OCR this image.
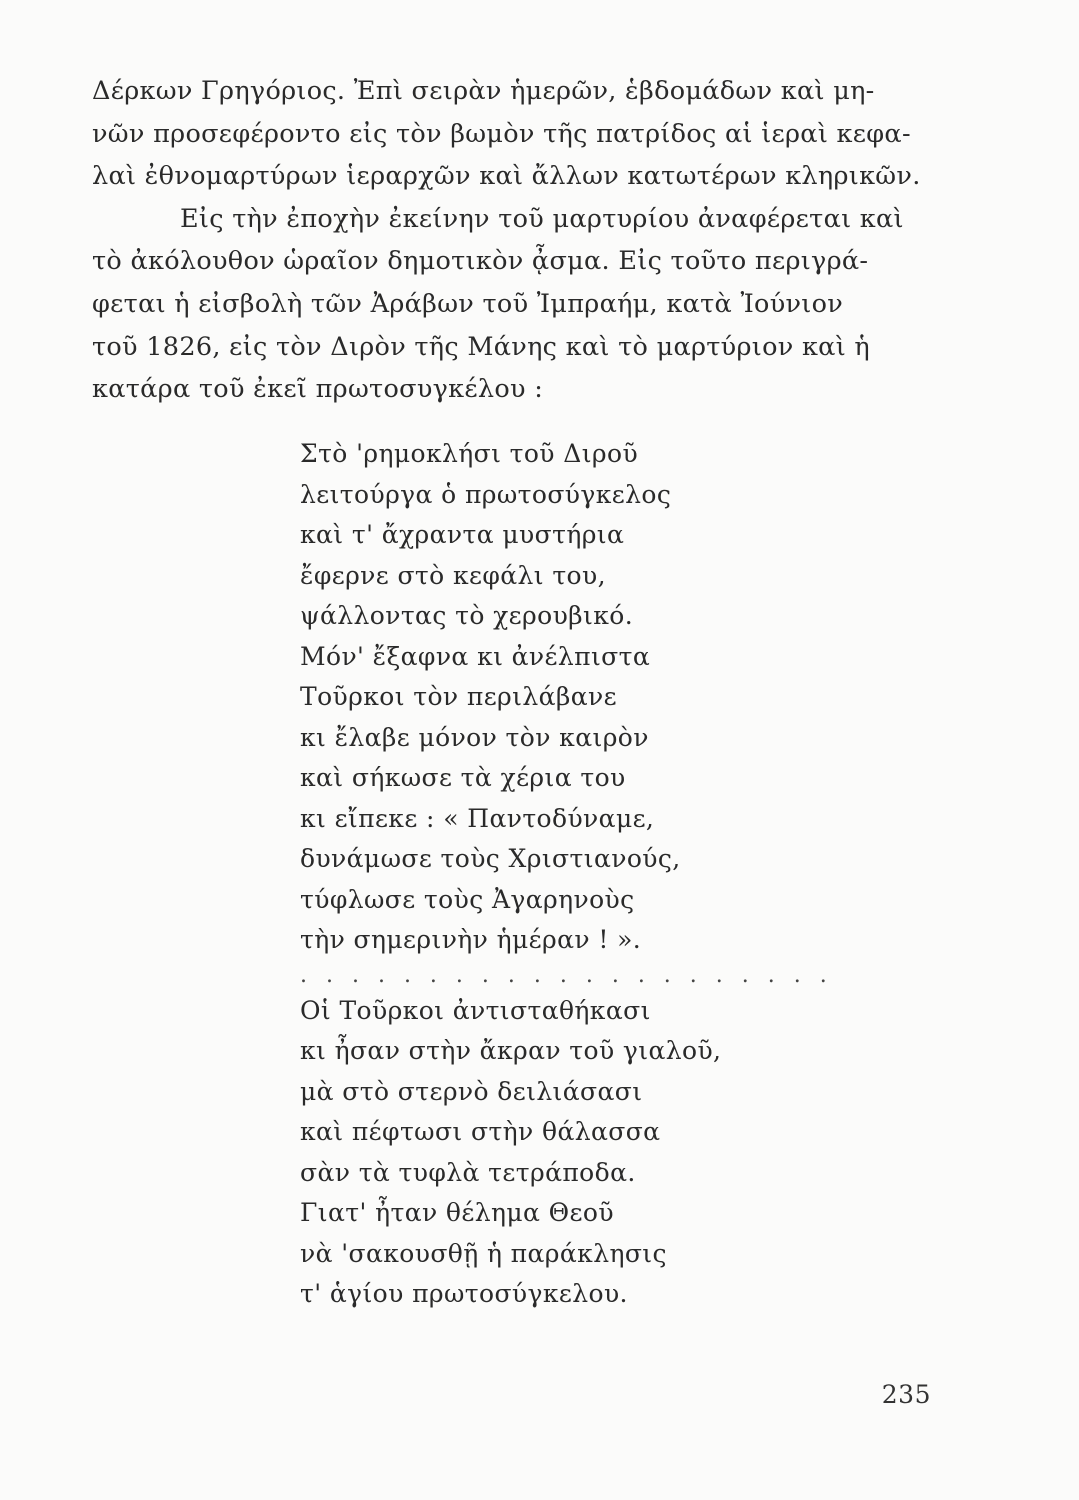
Δέρκων Γρηγόριος. Ἐπὶ σειρὰν ἡμερῶν, ἑβδομάδων καὶ μη-
νῶν προσεφέροντο εἰς τὸν βωμὸν τῆς πατρίδος αἱ ἱεραὶ κεφα-
λαὶ ἐθνομαρτύρων ἱεραρχῶν καὶ ἄλλων κατωτέρων κληρικῶν.
Εἰς τὴν ἐποχὴν ἐκείνην τοῦ μαρτυρίου ἀναφέρεται καὶ
τὸ ἀκόλουθον ὡραῖον δημοτικὸν ᾆσμα. Εἰς τοῦτο περιγρά-
φεται ἡ εἰσβολὴ τῶν Ἀράβων τοῦ Ἰμπραήμ, κατὰ Ἰούνιον
τοῦ 1826, εἰς τὸν Διρὸν τῆς Μάνης καὶ τὸ μαρτύριον καὶ ἡ
κατάρα τοῦ ἐκεῖ πρωτοσυγκέλου :
Στὸ 'ρημοκλήσι τοῦ Διροῦ
λειτούργα ὁ πρωτοσύγκελος
καὶ τ' ἄχραντα μυστήρια
ἔφερνε στὸ κεφάλι του,
ψάλλοντας τὸ χερουβικό.
Μόν' ἔξαφνα κι ἀνέλπιστα
Τοῦρκοι τὸν περιλάβανε
κι ἔλαβε μόνον τὸν καιρὸν
καὶ σήκωσε τὰ χέρια του
κι εἴπεκε : « Παντοδύναμε,
δυνάμωσε τοὺς Χριστιανούς,
τύφλωσε τοὺς Ἀγαρηνοὺς
τὴν σημερινὴν ἡμέραν ! ».
. . . . . . . . . . . . . . . . . . . . .
Οἱ Τοῦρκοι ἀντισταθήκασι
κι ἦσαν στὴν ἄκραν τοῦ γιαλοῦ,
μὰ στὸ στερνὸ δειλιάσασι
καὶ πέφτωσι στὴν θάλασσα
σὰν τὰ τυφλὰ τετράποδα.
Γιατ' ἦταν θέλημα Θεοῦ
νὰ 'σακουσθῇ ἡ παράκλησις
τ' ἁγίου πρωτοσύγκελου.
235
